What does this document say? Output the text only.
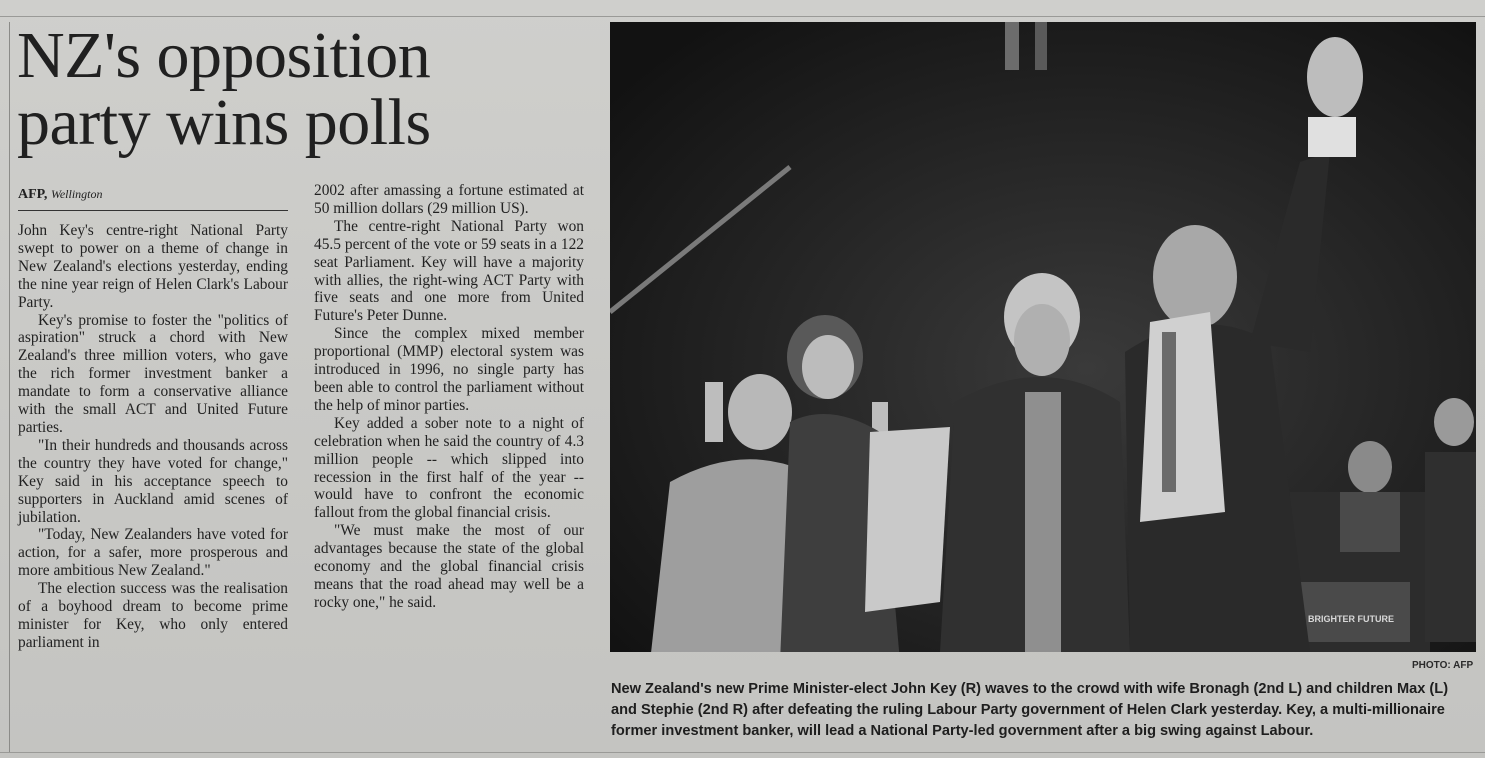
NZ's opposition
party wins polls
AFP, Wellington

John Key's centre-right National Party swept to power on a theme of change in New Zealand's elections yesterday, ending the nine year reign of Helen Clark's Labour Party.

Key's promise to foster the "politics of aspiration" struck a chord with New Zealand's three million voters, who gave the rich former investment banker a mandate to form a conservative alliance with the small ACT and United Future parties.

"In their hundreds and thousands across the country they have voted for change," Key said in his acceptance speech to supporters in Auckland amid scenes of jubilation.

"Today, New Zealanders have voted for action, for a safer, more prosperous and more ambitious New Zealand."

The election success was the realisation of a boyhood dream to become prime minister for Key, who only entered parliament in

2002 after amassing a fortune estimated at 50 million dollars (29 million US).

The centre-right National Party won 45.5 percent of the vote or 59 seats in a 122 seat Parliament. Key will have a majority with allies, the right-wing ACT Party with five seats and one more from United Future's Peter Dunne.

Since the complex mixed member proportional (MMP) electoral system was introduced in 1996, no single party has been able to control the parliament without the help of minor parties.

Key added a sober note to a night of celebration when he said the country of 4.3 million people -- which slipped into recession in the first half of the year -- would have to confront the economic fallout from the global financial crisis.

"We must make the most of our advantages because the state of the global economy and the global financial crisis means that the road ahead may well be a rocky one," he said.

BRIGHTER FUTURE
PHOTO: AFP
New Zealand's new Prime Minister-elect John Key (R) waves to the crowd with wife Bronagh (2nd L) and children Max (L) and Stephie (2nd R) after defeating the ruling Labour Party government of Helen Clark yesterday. Key, a multi-millionaire former investment banker, will lead a National Party-led government after a big swing against Labour.
